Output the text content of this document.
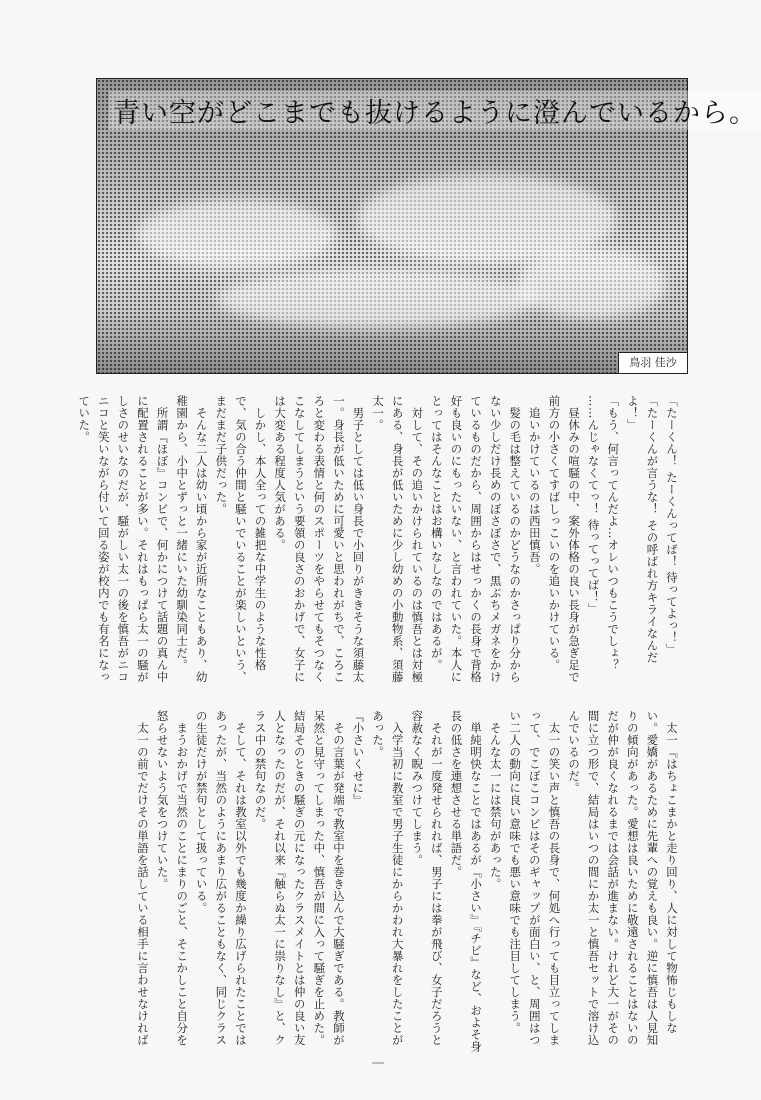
青い空がどこまでも抜けるように澄んでいるから。
鳥羽 佳沙

「たーくん！ たーくんってば！ 待ってよっ！」

「たーくんが言うな！ その呼ばれ方キライなんだよ！」

「もう、何言ってんだよ…オレいつもこうでしょ？

……んじゃなくてっ！ 待ってってば！」

　昼休みの喧騒の中、案外体格の良い長身が急ぎ足で前方の小さくてすばしっこいのを追いかけている。

　追いかけているのは西田慎吾。

　髪の毛は整えているのかどうなのかさっぱり分からない少しだけ長めのぼさぼさで、黒ぶちメガネをかけているものだから、周囲からはせっかくの長身で背格好も良いのにもったいない、と言われていた。本人にとってはそんなことはお構いなしなのではあるが。

　対して、その追いかけられているのは慎吾とは対極にある、身長が低いために少し幼めの小動物系、須藤太一。

　男子としては低い身長で小回りがききそうな須藤太一。身長が低いために可愛いと思われがちで、ころころと変わる表情と何のスポーツをやらせてもそつなくこなしてしまうという要領の良さのおかげで、女子には大変ある程度人気がある。

　しかし、本人全っての雑把な中学生のような性格で、気の合う仲間と騒いでいることが楽しいという、まだまだ子供だった。

　そんな二人は幼い頃から家が近所なこともあり、幼稚園から、小中とずっと一緒にいた幼馴染同士だ。

　所謂『ほぼ』コンビで、何かにつけて話題の真ん中に配置されることが多い。それはもっぱら太一の騒がしさのせいなのだが、騒がしい太一の後を慎吾がニコニコと笑いながら付いて回る姿が校内でも有名になっていた。

　太一『はちょこまかと走り回り、人に対して物怖じもしない。愛嬌があるために先輩への覚えも良い。逆に慎吾は人見知りの傾向があった。愛想は良いために敬遠されることはないのだが仲が良くなれるまでは会話が進まない。けれど大一がその間に立つ形で、結局はいつの間にか太一と慎吾セットで溶け込んでいるのだ。

　太一の笑い声と慎吾の長身で、何処へ行っても目立ってしまって、でこぼこコンビはそのギャップが面白い、と、周囲はつい二人の動向に良い意味でも悪い意味でも注目してしまう。

　そんな太一には禁句があった。

　単純明快なことではあるが『小さい』『チビ』など、およそ身長の低さを連想させる単語だ。

　それが一度発せられれば、男子には拳が飛び、女子だろうと容赦なく睨みつけてしまう。

　入学当初に教室で男子生徒にからかわれ大暴れをしたことがあった。

『小さいくせに』

　その言葉が発端で教室中を巻き込んで大騒ぎである。教師が呆然と見守ってしまった中、慎吾が間に入って騒ぎを止めた。結局そのときの騒ぎの元になったクラスメイトとは仲の良い友人となったのだが、それ以来『触らぬ太一に祟りなし』と、クラス中の禁句なのだ。

　そして、それは教室以外でも幾度か繰り広げられたことではあったが、当然のようにあまり広がることもなく、同じクラスの生徒だけが禁句として扱っている。

　まうおかげで当然のことにまりのごと、そこかしこと自分を怒らせないよう気をつけていた。

　太一の前でだけその単語を話している相手に言わせなければ
